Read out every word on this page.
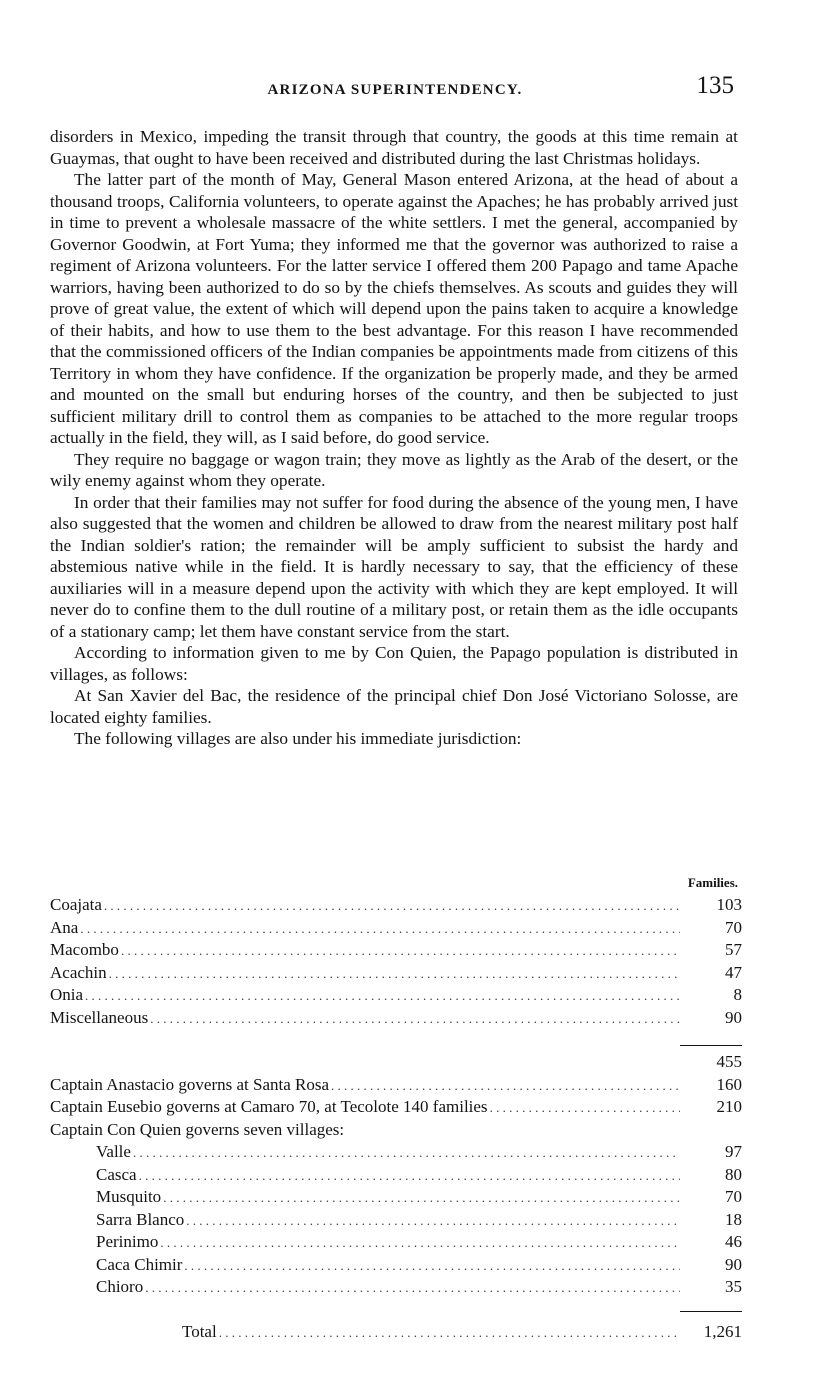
ARIZONA SUPERINTENDENCY.	135

disorders in Mexico, impeding the transit through that country, the goods at this time remain at Guaymas, that ought to have been received and distributed during the last Christmas holidays.

The latter part of the month of May, General Mason entered Arizona, at the head of about a thousand troops, California volunteers, to operate against the Apaches; he has probably arrived just in time to prevent a wholesale massacre of the white settlers. I met the general, accompanied by Governor Goodwin, at Fort Yuma; they informed me that the governor was authorized to raise a regiment of Arizona volunteers. For the latter service I offered them 200 Papago and tame Apache warriors, having been authorized to do so by the chiefs themselves. As scouts and guides they will prove of great value, the extent of which will depend upon the pains taken to acquire a knowledge of their habits, and how to use them to the best advantage. For this reason I have recommended that the commissioned officers of the Indian companies be appointments made from citizens of this Territory in whom they have confidence. If the organization be properly made, and they be armed and mounted on the small but enduring horses of the country, and then be subjected to just sufficient military drill to control them as companies to be attached to the more regular troops actually in the field, they will, as I said before, do good service.

They require no baggage or wagon train; they move as lightly as the Arab of the desert, or the wily enemy against whom they operate.

In order that their families may not suffer for food during the absence of the young men, I have also suggested that the women and children be allowed to draw from the nearest military post half the Indian soldier's ration; the remainder will be amply sufficient to subsist the hardy and abstemious native while in the field. It is hardly necessary to say, that the efficiency of these auxiliaries will in a measure depend upon the activity with which they are kept employed. It will never do to confine them to the dull routine of a military post, or retain them as the idle occupants of a stationary camp; let them have constant service from the start.

According to information given to me by Con Quien, the Papago population is distributed in villages, as follows:

At San Xavier del Bac, the residence of the principal chief Don José Victoriano Solosse, are located eighty families.

The following villages are also under his immediate jurisdiction:

Families.
Coajata . . .	103
Ana . . .	70
Macombo . . .	57
Acachin . . .	47
Onia . . .	8
Miscellaneous . . .	90
455
Captain Anastacio governs at Santa Rosa . . .	160
Captain Eusebio governs at Camaro 70, at Tecolote 140 families . . .	210
Captain Con Quien governs seven villages:
Valle . . .	97
Casca . . .	80
Musquito . . .	70
Sarra Blanco . . .	18
Perinimo . . .	46
Caca Chimir . . .	90
Chioro . . .	35
Total . . .	1,261
